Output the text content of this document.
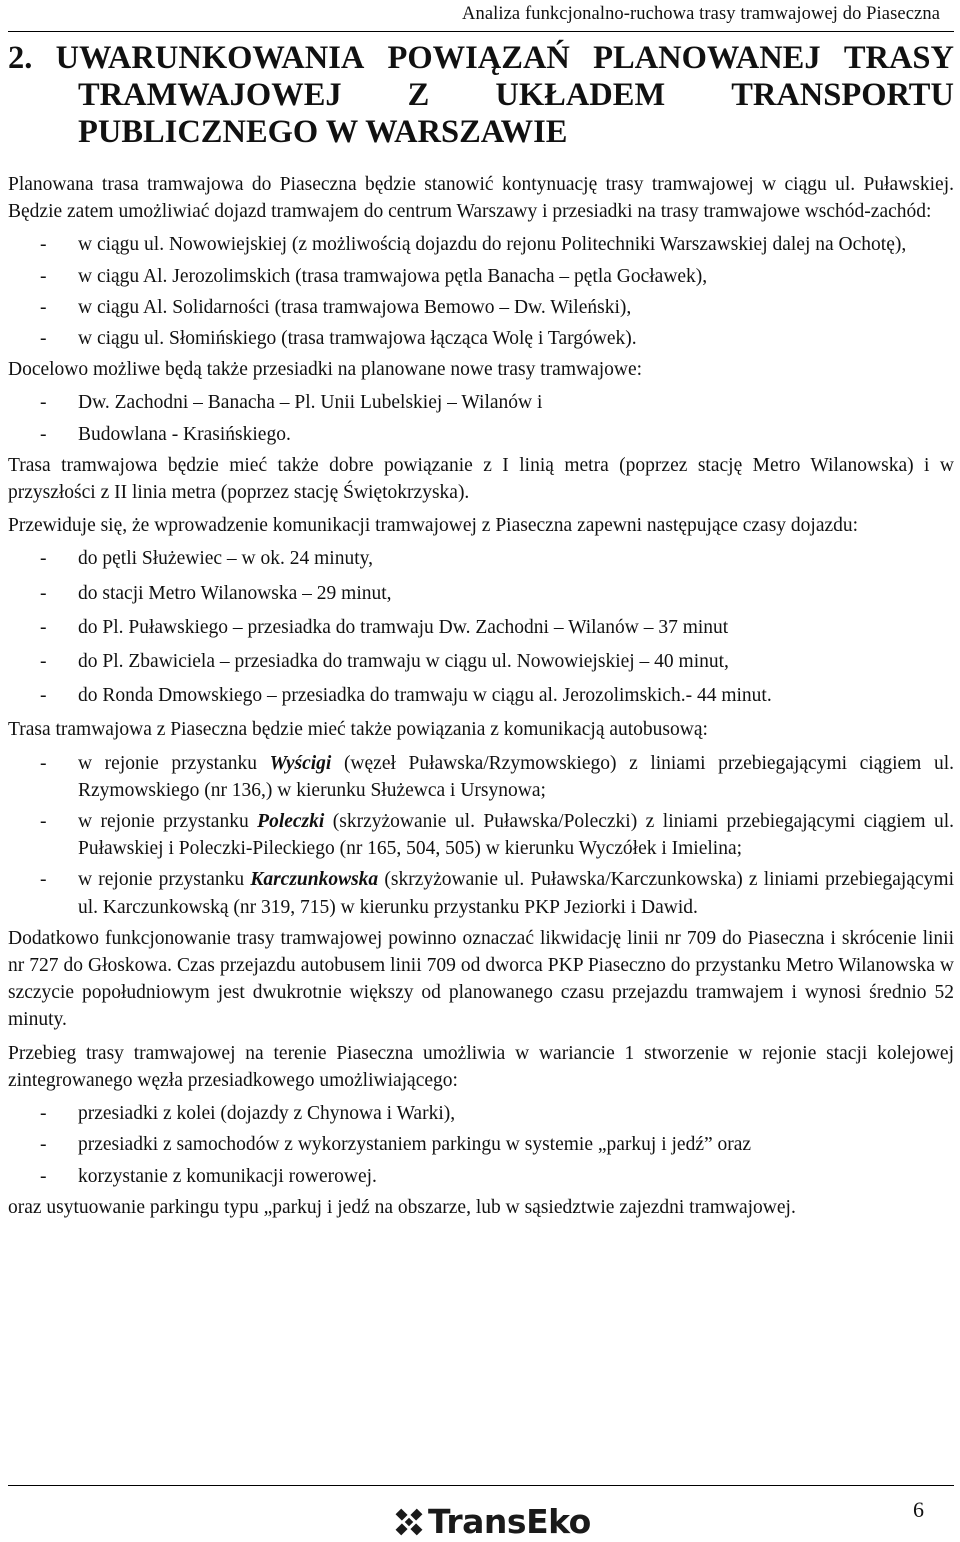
Analiza funkcjonalno-ruchowa trasy tramwajowej do Piaseczna
2. UWARUNKOWANIA POWIĄZAŃ PLANOWANEJ TRASY
TRAMWAJOWEJ Z UKŁADEM TRANSPORTU
PUBLICZNEGO W WARSZAWIE

Planowana trasa tramwajowa do Piaseczna będzie stanowić kontynuację trasy tramwajowej w ciągu ul. Puławskiej. Będzie zatem umożliwiać dojazd tramwajem do centrum Warszawy i przesiadki na trasy tramwajowe wschód-zachód:

-	w ciągu ul. Nowowiejskiej (z możliwością dojazdu do rejonu Politechniki Warszawskiej dalej na Ochotę),
-	w ciągu Al. Jerozolimskich (trasa tramwajowa pętla Banacha – pętla Gocławek),
-	w ciągu Al. Solidarności (trasa tramwajowa Bemowo – Dw. Wileński),
-	w ciągu ul. Słomińskiego (trasa tramwajowa łącząca Wolę i Targówek).

Docelowo możliwe będą także przesiadki na planowane nowe trasy tramwajowe:

-	Dw. Zachodni – Banacha – Pl. Unii Lubelskiej – Wilanów i
-	Budowlana - Krasińskiego.

Trasa tramwajowa będzie mieć także dobre powiązanie z I linią metra (poprzez stację Metro Wilanowska) i w przyszłości z II linia metra (poprzez stację Świętokrzyska).

Przewiduje się, że wprowadzenie komunikacji tramwajowej z Piaseczna zapewni następujące czasy dojazdu:

-	do pętli Służewiec – w ok. 24 minuty,
-	do stacji Metro Wilanowska – 29 minut,
-	do Pl. Puławskiego – przesiadka do tramwaju Dw. Zachodni – Wilanów – 37 minut
-	do Pl. Zbawiciela – przesiadka do tramwaju w ciągu ul. Nowowiejskiej – 40 minut,
-	do Ronda Dmowskiego – przesiadka do tramwaju w ciągu al. Jerozolimskich.- 44 minut.

Trasa tramwajowa z Piaseczna będzie mieć także powiązania z komunikacją autobusową:

-	w rejonie przystanku Wyścigi (węzeł Puławska/Rzymowskiego) z liniami przebiegającymi ciągiem ul. Rzymowskiego (nr 136,) w kierunku Służewca i Ursynowa;
-	w rejonie przystanku Poleczki (skrzyżowanie ul. Puławska/Poleczki) z liniami przebiegającymi ciągiem ul. Puławskiej i Poleczki-Pileckiego (nr 165, 504, 505) w kierunku Wyczółek i Imielina;
-	w rejonie przystanku Karczunkowska (skrzyżowanie ul. Puławska/Karczunkowska) z liniami przebiegającymi ul. Karczunkowską (nr 319, 715) w kierunku przystanku PKP Jeziorki i Dawid.

Dodatkowo funkcjonowanie trasy tramwajowej powinno oznaczać likwidację linii nr 709 do Piaseczna i skrócenie linii nr 727 do Głoskowa. Czas przejazdu autobusem linii 709 od dworca PKP Piaseczno do przystanku Metro Wilanowska w szczycie popołudniowym jest dwukrotnie większy od planowanego czasu przejazdu tramwajem i wynosi średnio 52 minuty.

Przebieg trasy tramwajowej na terenie Piaseczna umożliwia w wariancie 1 stworzenie w rejonie stacji kolejowej zintegrowanego węzła przesiadkowego umożliwiającego:

-	przesiadki z kolei (dojazdy z Chynowa i Warki),
-	przesiadki z samochodów z wykorzystaniem parkingu w systemie „parkuj i jedź” oraz
-	korzystanie z komunikacji rowerowej.

oraz usytuowanie parkingu typu „parkuj i jedź na obszarze, lub w sąsiedztwie zajezdni tramwajowej.

6
TransEko
